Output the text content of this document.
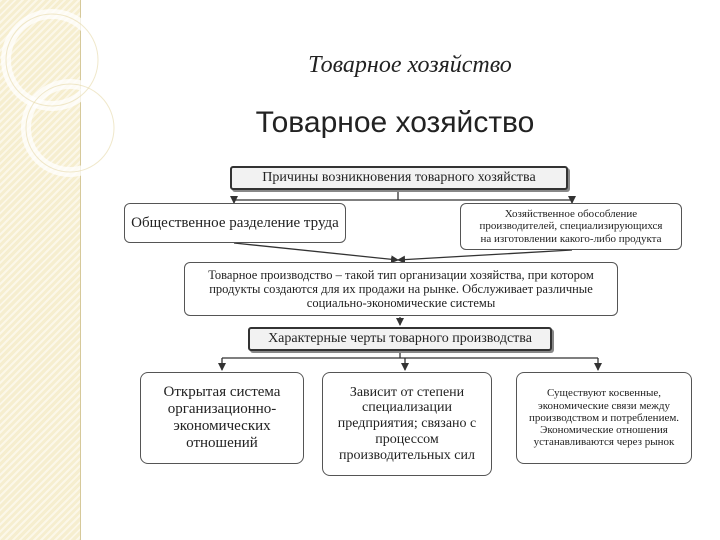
Товарное хозяйство
Товарное хозяйство
Причины возникновения товарного хозяйства
Общественное разделение труда
Хозяйственное обособление
производителей, специализирующихся
на изготовлении какого-либо продукта
Товарное производство – такой тип организации хозяйства, при котором
продукты создаются для их продажи на рынке. Обслуживает различные
социально-экономические системы
Характерные черты товарного производства
Открытая система
организационно-
экономических
отношений
Зависит от степени
специализации
предприятия; связано с
процессом
производительных сил
Существуют косвенные,
экономические связи между
производством и потреблением.
Экономические отношения
устанавливаются через рынок
